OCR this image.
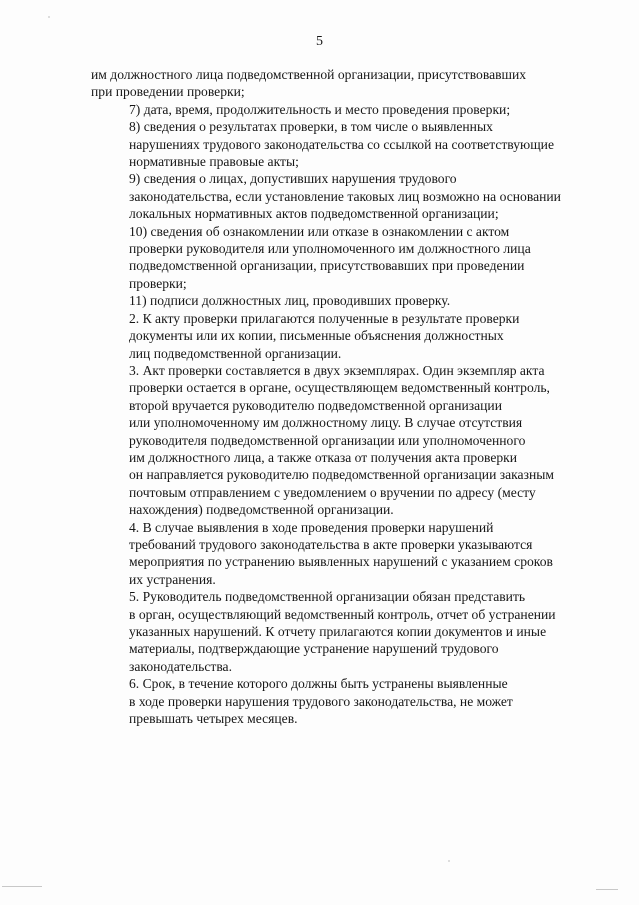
5

им должностного лица подведомственной организации, присутствовавших
при проведении проверки;

7) дата, время, продолжительность и место проведения проверки;

8) сведения о результатах проверки, в том числе о выявленных
нарушениях трудового законодательства со ссылкой на соответствующие
нормативные правовые акты;

9) сведения о лицах, допустивших нарушения трудового
законодательства, если установление таковых лиц возможно на основании
локальных нормативных актов подведомственной организации;

10) сведения об ознакомлении или отказе в ознакомлении с актом
проверки руководителя или уполномоченного им должностного лица
подведомственной организации, присутствовавших при проведении
проверки;

11) подписи должностных лиц, проводивших проверку.

2. К акту проверки прилагаются полученные в результате проверки
документы или их копии, письменные объяснения должностных
лиц подведомственной организации.

3. Акт проверки составляется в двух экземплярах. Один экземпляр акта
проверки остается в органе, осуществляющем ведомственный контроль,
второй вручается руководителю подведомственной организации
или уполномоченному им должностному лицу. В случае отсутствия
руководителя подведомственной организации или уполномоченного
им должностного лица, а также отказа от получения акта проверки
он направляется руководителю подведомственной организации заказным
почтовым отправлением с уведомлением о вручении по адресу (месту
нахождения) подведомственной организации.

4. В случае выявления в ходе проведения проверки нарушений
требований трудового законодательства в акте проверки указываются
мероприятия по устранению выявленных нарушений с указанием сроков
их устранения.

5. Руководитель подведомственной организации обязан представить
в орган, осуществляющий ведомственный контроль, отчет об устранении
указанных нарушений. К отчету прилагаются копии документов и иные
материалы, подтверждающие устранение нарушений трудового
законодательства.

6. Срок, в течение которого должны быть устранены выявленные
в ходе проверки нарушения трудового законодательства, не может
превышать четырех месяцев.
